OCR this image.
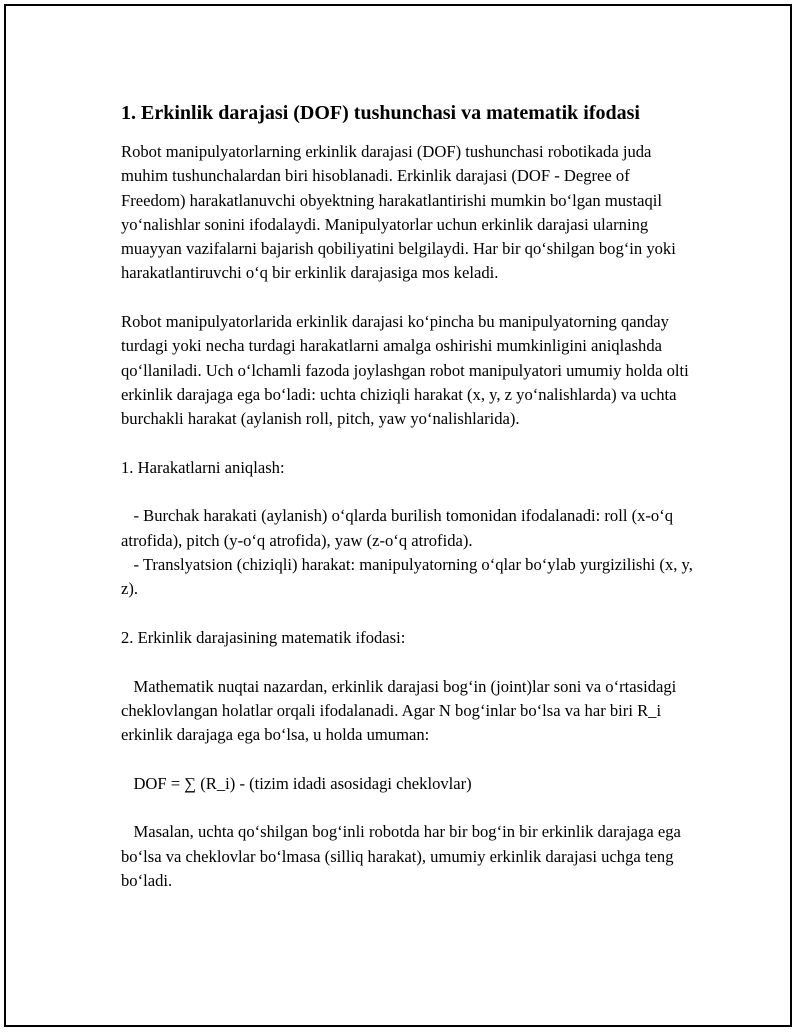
1. Erkinlik darajasi (DOF) tushunchasi va matematik ifodasi

Robot manipulyatorlarning erkinlik darajasi (DOF) tushunchasi robotikada juda muhim tushunchalardan biri hisoblanadi. Erkinlik darajasi (DOF - Degree of Freedom) harakatlanuvchi obyektning harakatlantirishi mumkin bo‘lgan mustaqil yo‘nalishlar sonini ifodalaydi. Manipulyatorlar uchun erkinlik darajasi ularning muayyan vazifalarni bajarish qobiliyatini belgilaydi. Har bir qo‘shilgan bog‘in yoki harakatlantiruvchi o‘q bir erkinlik darajasiga mos keladi.

Robot manipulyatorlarida erkinlik darajasi ko‘pincha bu manipulyatorning qanday turdagi yoki necha turdagi harakatlarni amalga oshirishi mumkinligini aniqlashda qo‘llaniladi. Uch o‘lchamli fazoda joylashgan robot manipulyatori umumiy holda olti erkinlik darajaga ega bo‘ladi: uchta chiziqli harakat (x, y, z yo‘nalishlarda) va uchta burchakli harakat (aylanish roll, pitch, yaw yo‘nalishlarida).

1. Harakatlarni aniqlash:

- Burchak harakati (aylanish) o‘qlarda burilish tomonidan ifodalanadi: roll (x-o‘q atrofida), pitch (y-o‘q atrofida), yaw (z-o‘q atrofida).
- Translyatsion (chiziqli) harakat: manipulyatorning o‘qlar bo‘ylab yurgizilishi (x, y, z).

2. Erkinlik darajasining matematik ifodasi:

Mathematik nuqtai nazardan, erkinlik darajasi bog‘in (joint)lar soni va o‘rtasidagi cheklovlangan holatlar orqali ifodalanadi. Agar N bog‘inlar bo‘lsa va har biri R_i erkinlik darajaga ega bo‘lsa, u holda umuman:

DOF = ∑ (R_i) - (tizim idadi asosidagi cheklovlar)

Masalan, uchta qo‘shilgan bog‘inli robotda har bir bog‘in bir erkinlik darajaga ega bo‘lsa va cheklovlar bo‘lmasa (silliq harakat), umumiy erkinlik darajasi uchga teng bo‘ladi.
